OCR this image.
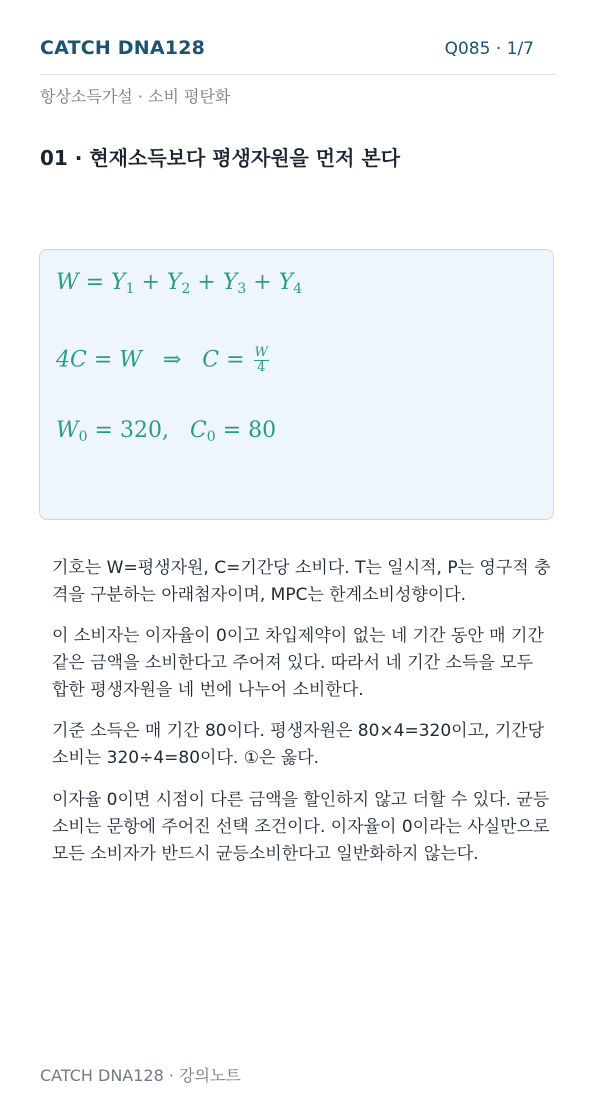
CATCH DNA128	Q085 · 1/7
항상소득가설 · 소비 평탄화
01 · 현재소득보다 평생자원을 먼저 본다
$W = Y_1 + Y_2 + Y_3 + Y_4$
4C = W   ⇒   $C = \frac{W}{4}$
$W_0 = 320$,   $C_0 = 80$

기호는 W=평생자원, C=기간당 소비다. T는 일시적, P는 영구적 충격을 구분하는 아래첨자이며, MPC는 한계소비성향이다.

이 소비자는 이자율이 0이고 차입제약이 없는 네 기간 동안 매 기간 같은 금액을 소비한다고 주어져 있다. 따라서 네 기간 소득을 모두 합한 평생자원을 네 번에 나누어 소비한다.

기준 소득은 매 기간 80이다. 평생자원은 80×4=320이고, 기간당 소비는 320÷4=80이다. ①은 옳다.

이자율 0이면 시점이 다른 금액을 할인하지 않고 더할 수 있다. 균등소비는 문항에 주어진 선택 조건이다. 이자율이 0이라는 사실만으로 모든 소비자가 반드시 균등소비한다고 일반화하지 않는다.

CATCH DNA128 · 강의노트
